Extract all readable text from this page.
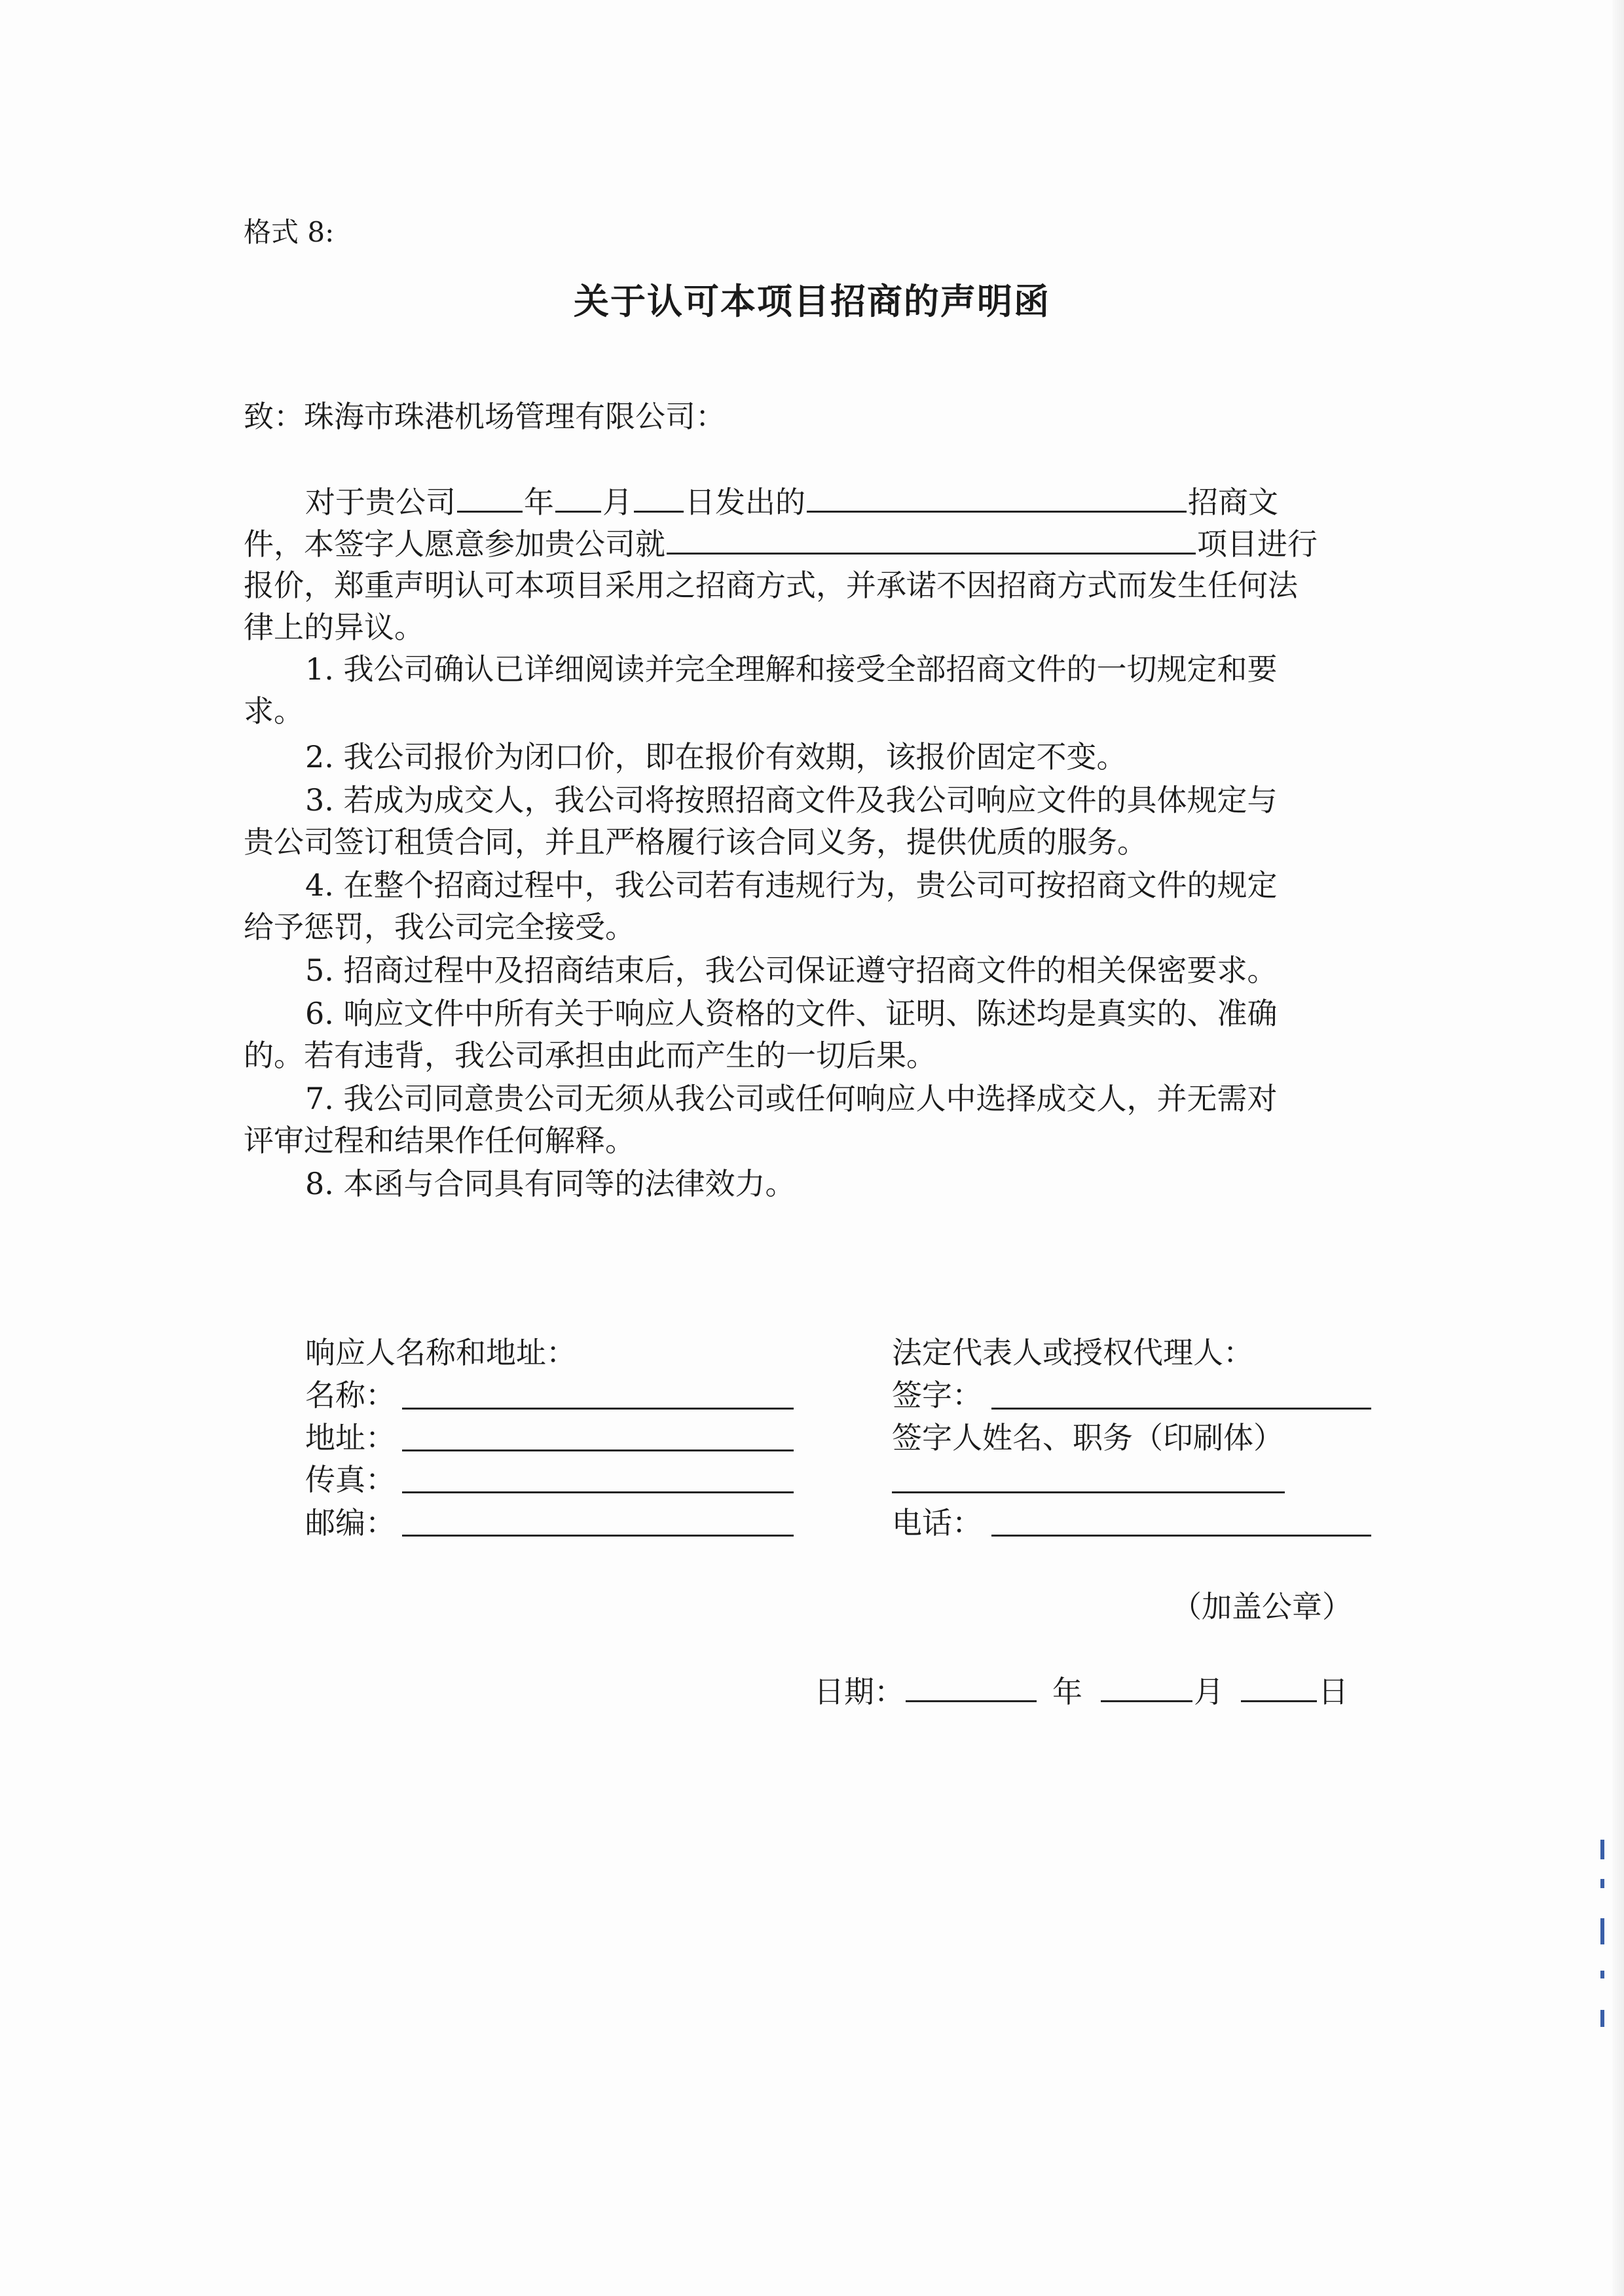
格式 8:
关于认可本项目招商的声明函
致：珠海市珠港机场管理有限公司：
对于贵公司 年 月 日发出的	招商文
件，本签字人愿意参加贵公司就	项目进行
报价，郑重声明认可本项目采用之招商方式，并承诺不因招商方式而发生任何法
律上的异议。
1. 我公司确认已详细阅读并完全理解和接受全部招商文件的一切规定和要
求。
2. 我公司报价为闭口价，即在报价有效期，该报价固定不变。
3. 若成为成交人，我公司将按照招商文件及我公司响应文件的具体规定与
贵公司签订租赁合同，并且严格履行该合同义务，提供优质的服务。
4. 在整个招商过程中，我公司若有违规行为，贵公司可按招商文件的规定
给予惩罚，我公司完全接受。
5. 招商过程中及招商结束后，我公司保证遵守招商文件的相关保密要求。
6. 响应文件中所有关于响应人资格的文件、证明、陈述均是真实的、准确
的。若有违背，我公司承担由此而产生的一切后果。
7. 我公司同意贵公司无须从我公司或任何响应人中选择成交人，并无需对
评审过程和结果作任何解释。
8. 本函与合同具有同等的法律效力。
响应人名称和地址：
名称：
地址：
传真：
邮编：
法定代表人或授权代理人：
签字：
签字人姓名、职务（印刷体）
电话：
（加盖公章）
日期：	年	月	日
